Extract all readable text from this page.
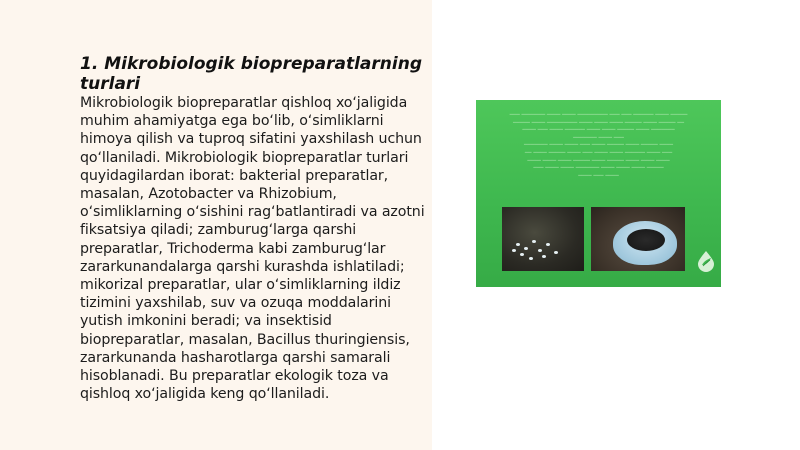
1. Mikrobiologik biopreparatlarning turlari

Mikrobiologik biopreparatlar qishloq xo‘jaligida muhim ahamiyatga ega bo‘lib, o‘simliklarni himoya qilish va tuproq sifatini yaxshilash uchun qo‘llaniladi. Mikrobiologik biopreparatlar turlari quyidagilardan iborat: bakterial preparatlar, masalan, Azotobacter va Rhizobium, o‘simliklarning o‘sishini rag‘batlantiradi va azotni fiksatsiya qiladi; zamburug‘larga qarshi preparatlar, Trichoderma kabi zamburug‘lar zararkunandalarga qarshi kurashda ishlatiladi; mikorizal preparatlar, ular o‘simliklarning ildiz tizimini yaxshilab, suv va ozuqa moddalarini yutish imkonini beradi; va insektisid biopreparatlar, masalan, Bacillus thuringiensis, zararkunanda hasharotlarga qarshi samarali hisoblanadi. Bu preparatlar ekologik toza va qishloq xo‘jaligida keng qo‘llaniladi.

─── ─────── ──── ──── ───────── ─── ─── ────── ──── ─────
───── ──── ───────── ──── ──── ──── ───── ──── ───── ──
──── ─── ──── ────── ──── ──── ───── ──── ───────
─────── ──── ───
─────── ──── ──── ─── ──── ───── ──── ───── ────
── ──── ───── ──── ─── ──── ──── ────── ──── ───
──── ──── ──── ───── ──── ───── ──── ──── ────
─── ──── ──── ─────── ──── ──── ──── ─────
──── ─── ────
